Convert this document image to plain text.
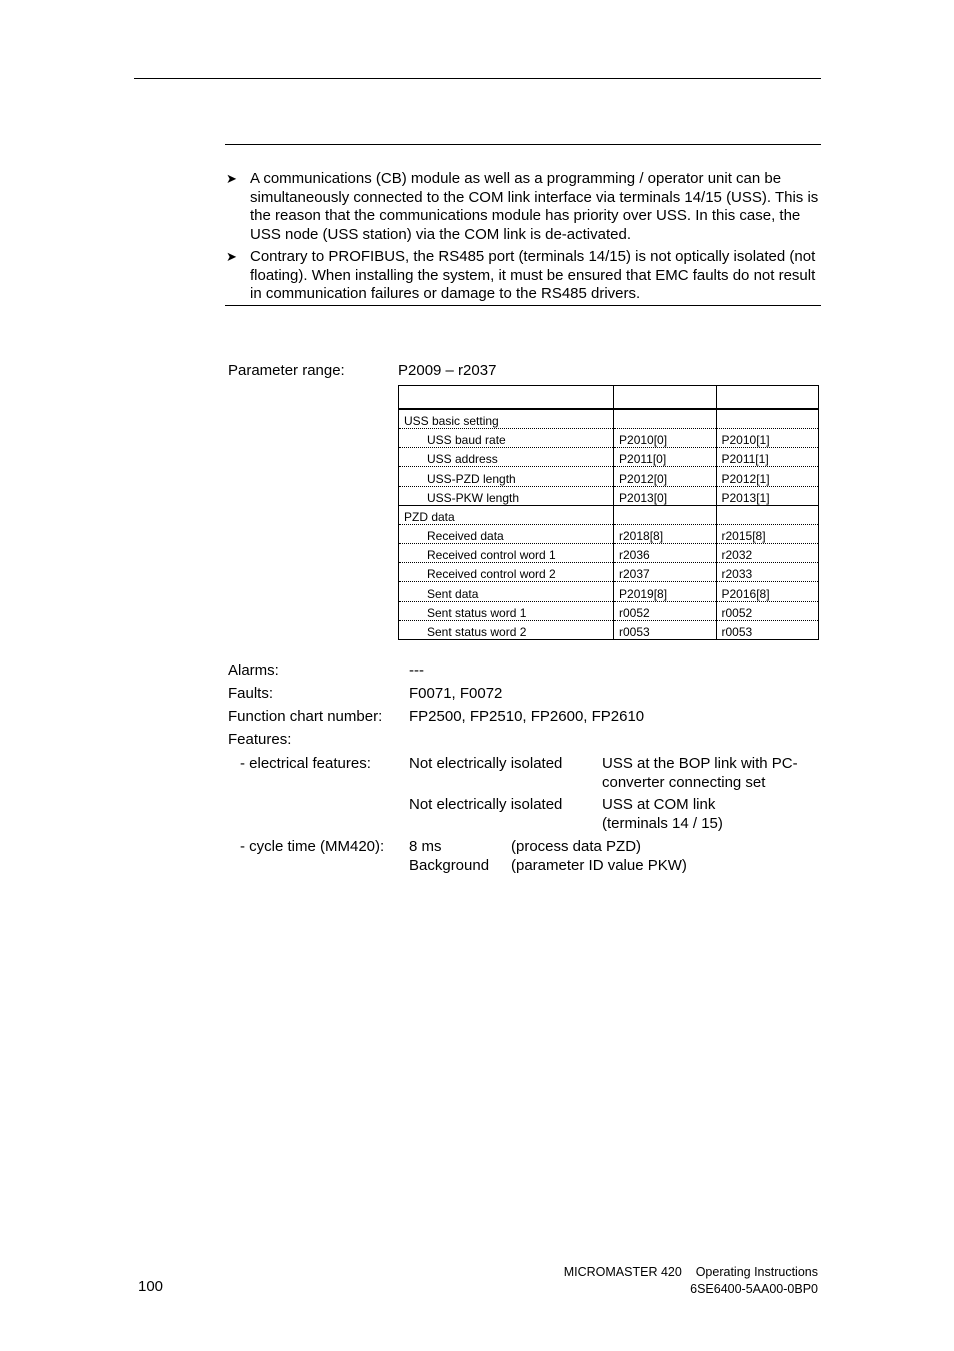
➤ A communications (CB) module as well as a programming / operator unit can be simultaneously connected to the COM link interface via terminals 14/15 (USS). This is the reason that the communications module has priority over USS. In this case, the USS node (USS station) via the COM link is de-activated.
➤ Contrary to PROFIBUS, the RS485 port (terminals 14/15) is not optically isolated (not floating). When installing the system, it must be ensured that EMC faults do not result in communication failures or damage to the RS485 drivers.
Parameter range:	P2009 – r2037

USS basic setting		
USS baud rate	P2010[0]	P2010[1]
USS address	P2011[0]	P2011[1]
USS-PZD length	P2012[0]	P2012[1]
USS-PKW length	P2013[0]	P2013[1]
PZD data		
Received data	r2018[8]	r2015[8]
Received control word 1	r2036	r2032
Received control word 2	r2037	r2033
Sent data	P2019[8]	P2016[8]
Sent status word 1	r0052	r0052
Sent status word 2	r0053	r0053
Alarms:	---
Faults:	F0071, F0072
Function chart number: FP2500, FP2510, FP2600, FP2610
Features:
- electrical features:	Not electrically isolated	USS at the BOP link with PC-
converter connecting set
Not electrically isolated	USS at COM link
(terminals 14 / 15)
- cycle time (MM420): 8 ms	(process data PZD)
Background (parameter ID value PKW)
MICROMASTER 420    Operating Instructions
100	6SE6400-5AA00-0BP0
